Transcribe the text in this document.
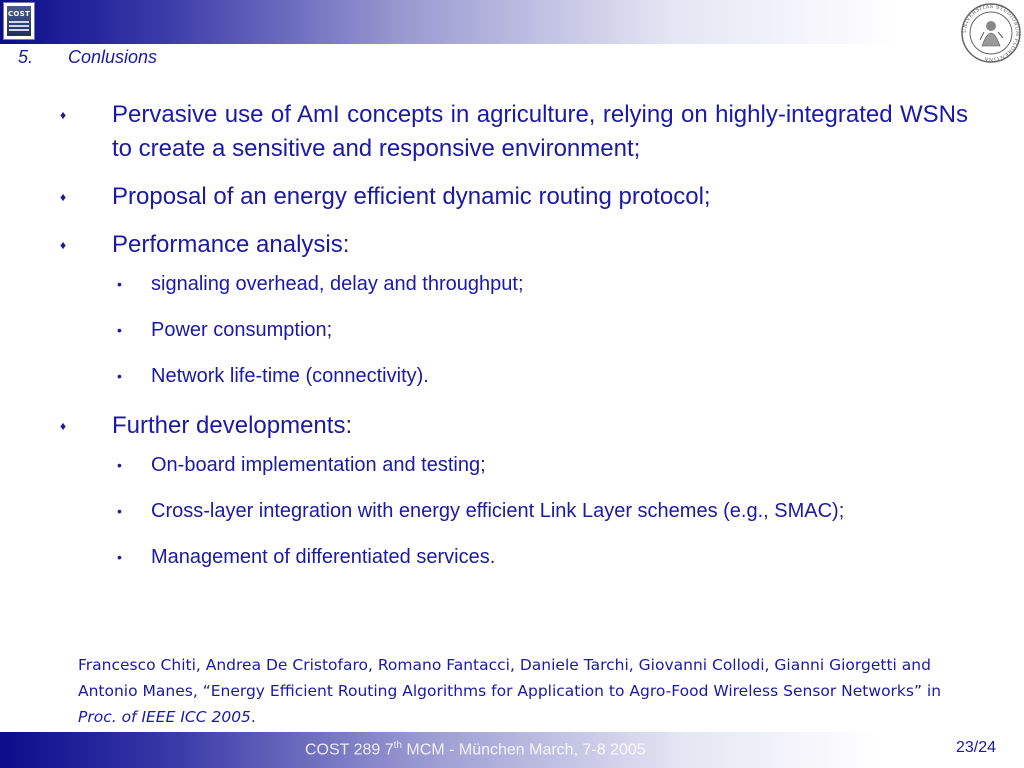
COST
5. Conlusions
UNIVERSITAS STUDIORUM FLORENTINA
♦ Pervasive use of AmI concepts in agriculture, relying on highly-integrated WSNs to create a sensitive and responsive environment;
♦ Proposal of an energy efficient dynamic routing protocol;
♦ Performance analysis:
• signaling overhead, delay and throughput;
• Power consumption;
• Network life-time (connectivity).
♦ Further developments:
• On-board implementation and testing;
• Cross-layer integration with energy efficient Link Layer schemes (e.g., SMAC);
• Management of differentiated services.
Francesco Chiti, Andrea De Cristofaro, Romano Fantacci, Daniele Tarchi, Giovanni Collodi, Gianni Giorgetti and Antonio Manes, “Energy Efficient Routing Algorithms for Application to Agro-Food Wireless Sensor Networks” in Proc. of IEEE ICC 2005.
COST 289 7th MCM - München March, 7-8 2005	23/24
